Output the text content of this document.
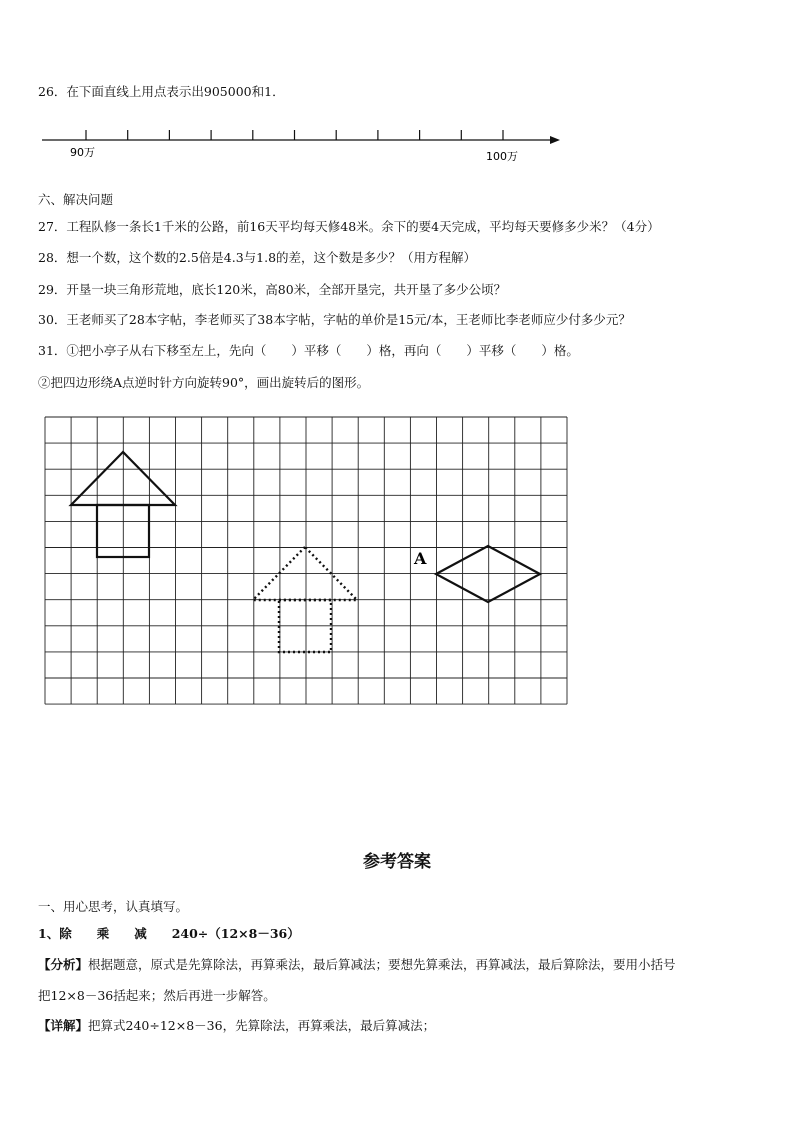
26．在下面直线上用点表示出905000和1．
90万	100万
六、解决问题
27．工程队修一条长1千米的公路，前16天平均每天修48米。余下的要4天完成，平均每天要修多少米？（4分）
28．想一个数，这个数的2.5倍是4.3与1.8的差，这个数是多少？（用方程解）
29．开垦一块三角形荒地，底长120米，高80米，全部开垦完，共开垦了多少公顷？
30．王老师买了28本字帖，李老师买了38本字帖，字帖的单价是15元/本，王老师比李老师应少付多少元？
31．①把小亭子从右下移至左上，先向（　　）平移（　　）格，再向（　　）平移（　　）格。
②把四边形绕A点逆时针方向旋转90°，画出旋转后的图形。
A
参考答案
一、用心思考，认真填写。
1、除　　乘　　减　　240÷（12×8－36）
【分析】根据题意，原式是先算除法，再算乘法，最后算减法；要想先算乘法，再算减法，最后算除法，要用小括号
把12×8－36括起来；然后再进一步解答。
【详解】把算式240÷12×8－36，先算除法，再算乘法，最后算减法；
